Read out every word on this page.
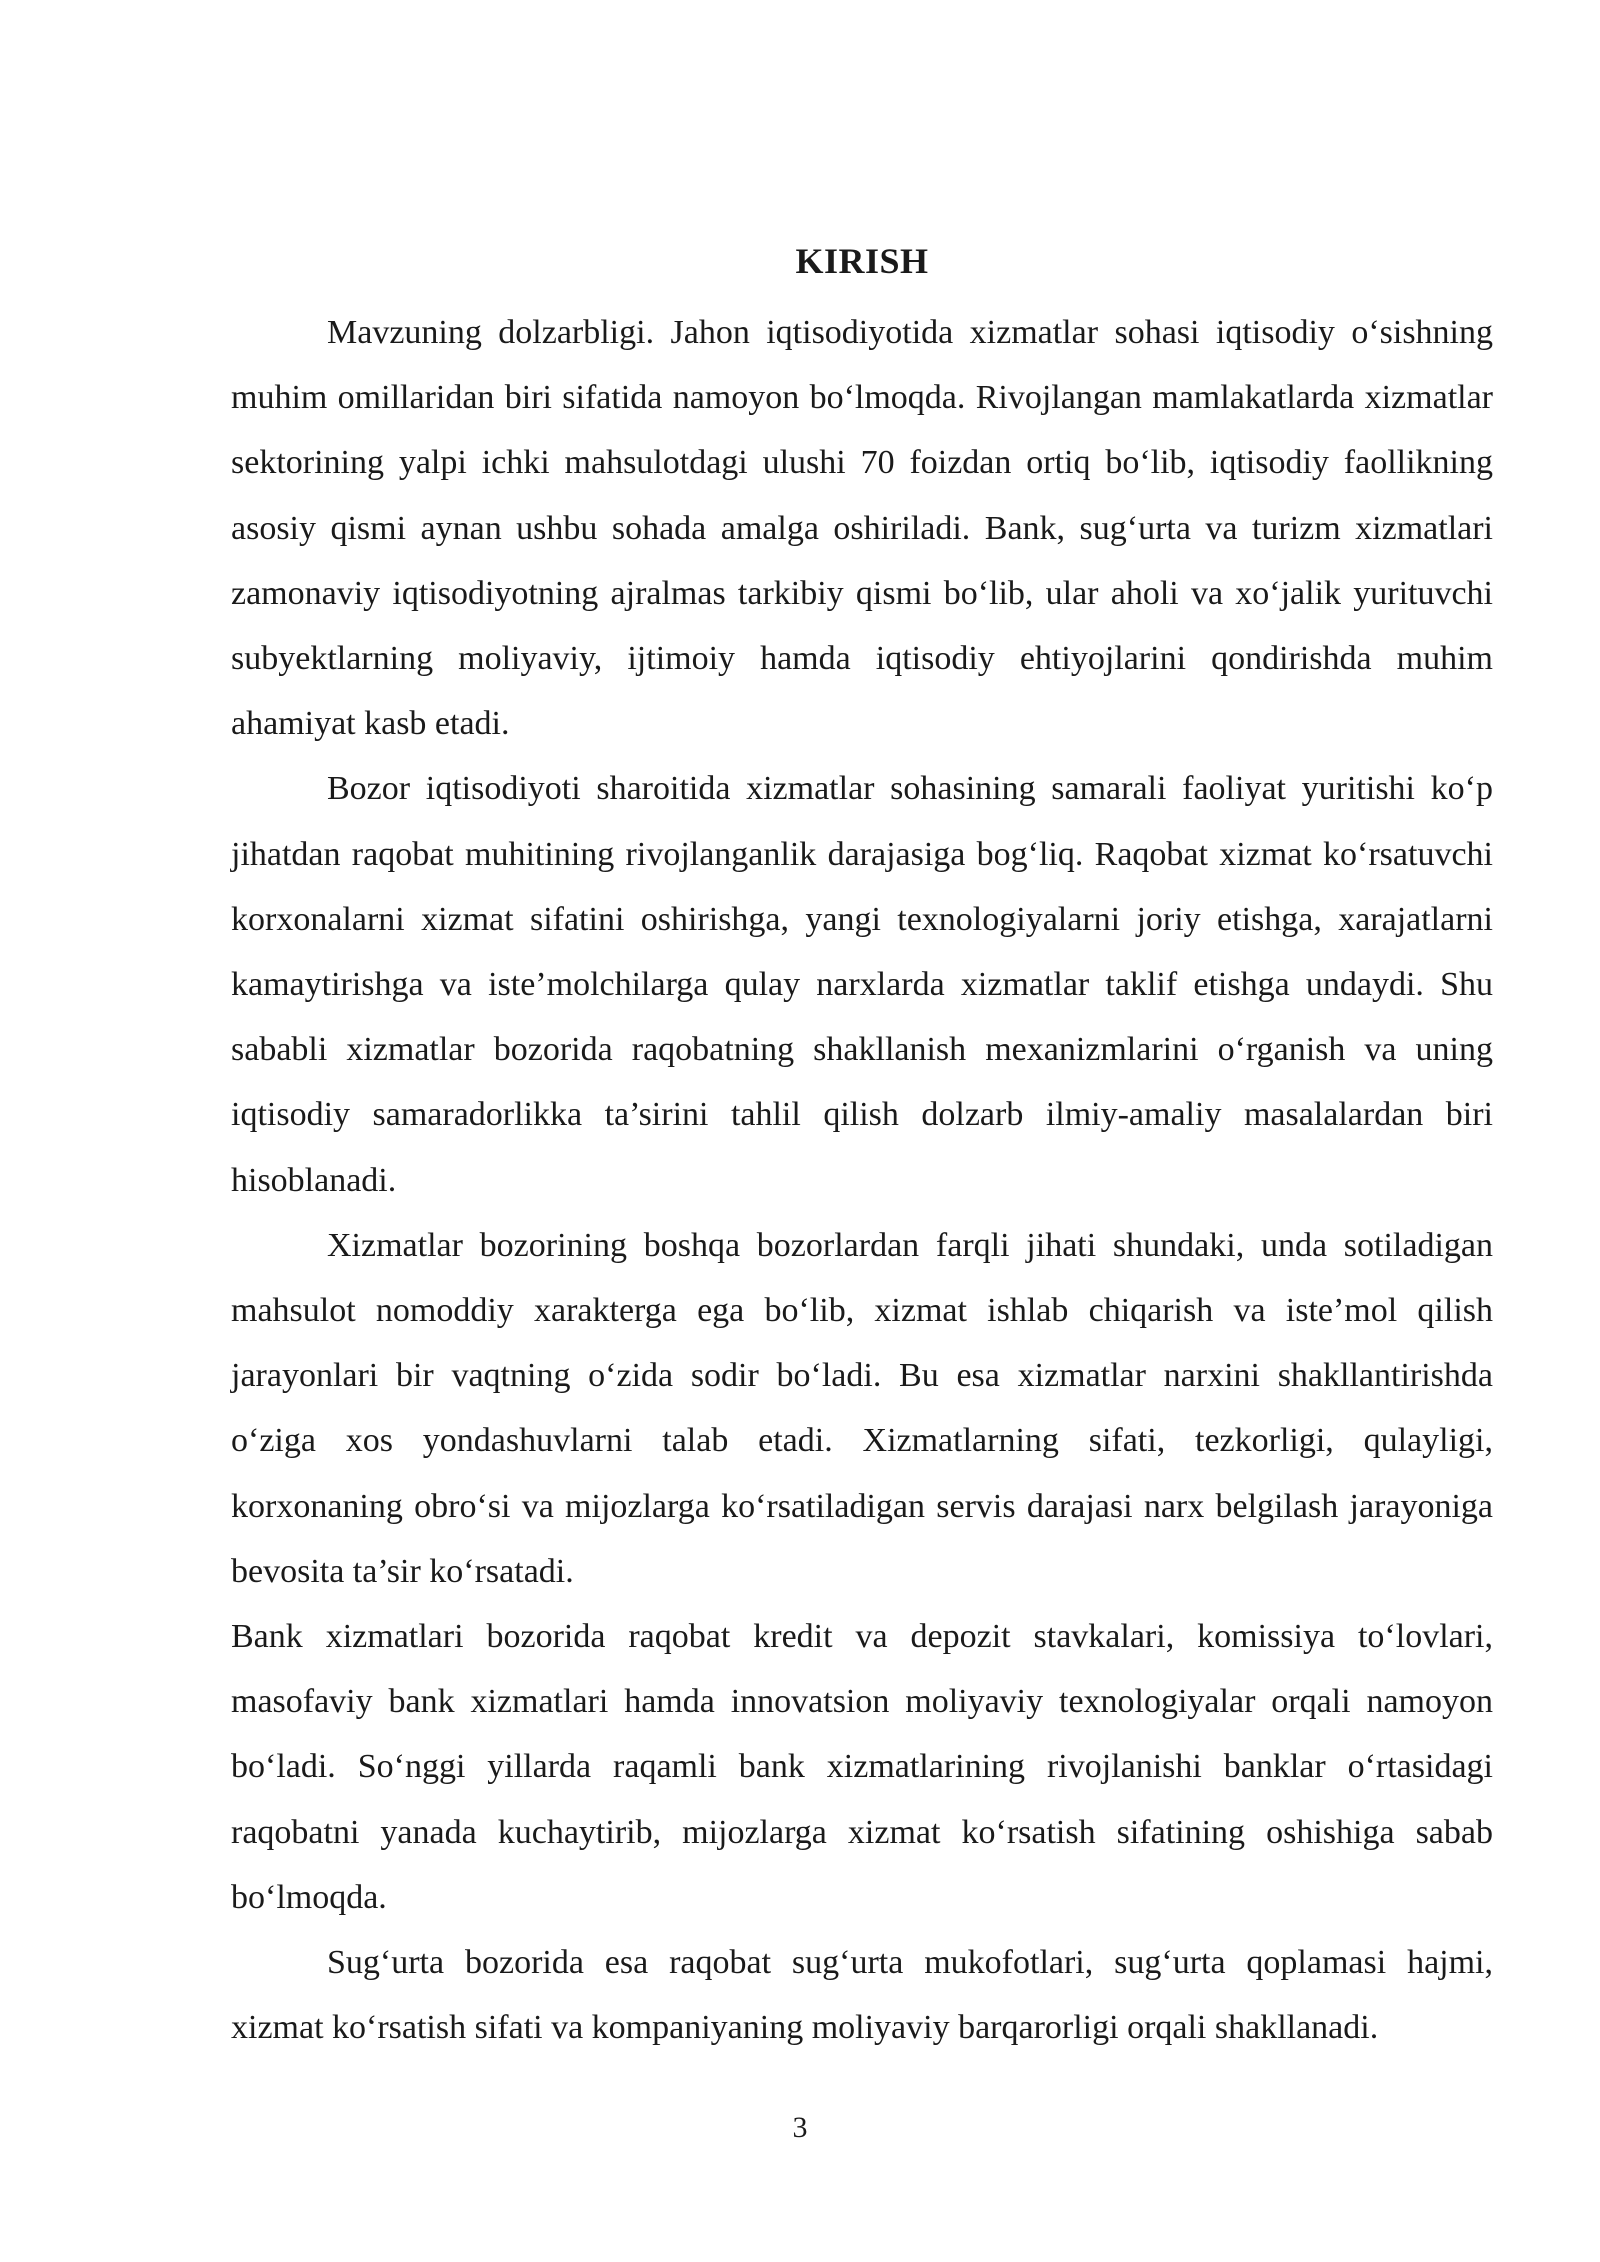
KIRISH

Mavzuning dolzarbligi. Jahon iqtisodiyotida xizmatlar sohasi iqtisodiy o‘sishning muhim omillaridan biri sifatida namoyon bo‘lmoqda. Rivojlangan mamlakatlarda xizmatlar sektorining yalpi ichki mahsulotdagi ulushi 70 foizdan ortiq bo‘lib, iqtisodiy faollikning asosiy qismi aynan ushbu sohada amalga oshiriladi. Bank, sug‘urta va turizm xizmatlari zamonaviy iqtisodiyotning ajralmas tarkibiy qismi bo‘lib, ular aholi va xo‘jalik yurituvchi subyektlarning moliyaviy, ijtimoiy hamda iqtisodiy ehtiyojlarini qondirishda muhim ahamiyat kasb etadi.

Bozor iqtisodiyoti sharoitida xizmatlar sohasining samarali faoliyat yuritishi ko‘p jihatdan raqobat muhitining rivojlanganlik darajasiga bog‘liq. Raqobat xizmat ko‘rsatuvchi korxonalarni xizmat sifatini oshirishga, yangi texnologiyalarni joriy etishga, xarajatlarni kamaytirishga va iste’molchilarga qulay narxlarda xizmatlar taklif etishga undaydi. Shu sababli xizmatlar bozorida raqobatning shakllanish mexanizmlarini o‘rganish va uning iqtisodiy samaradorlikka ta’sirini tahlil qilish dolzarb ilmiy-amaliy masalalardan biri hisoblanadi.

Xizmatlar bozorining boshqa bozorlardan farqli jihati shundaki, unda sotiladigan mahsulot nomoddiy xarakterga ega bo‘lib, xizmat ishlab chiqarish va iste’mol qilish jarayonlari bir vaqtning o‘zida sodir bo‘ladi. Bu esa xizmatlar narxini shakllantirishda o‘ziga xos yondashuvlarni talab etadi. Xizmatlarning sifati, tezkorligi, qulayligi, korxonaning obro‘si va mijozlarga ko‘rsatiladigan servis darajasi narx belgilash jarayoniga bevosita ta’sir ko‘rsatadi.

Bank xizmatlari bozorida raqobat kredit va depozit stavkalari, komissiya to‘lovlari, masofaviy bank xizmatlari hamda innovatsion moliyaviy texnologiyalar orqali namoyon bo‘ladi. So‘nggi yillarda raqamli bank xizmatlarining rivojlanishi banklar o‘rtasidagi raqobatni yanada kuchaytirib, mijozlarga xizmat ko‘rsatish sifatining oshishiga sabab bo‘lmoqda.

Sug‘urta bozorida esa raqobat sug‘urta mukofotlari, sug‘urta qoplamasi hajmi, xizmat ko‘rsatish sifati va kompaniyaning moliyaviy barqarorligi orqali shakllanadi.

3
